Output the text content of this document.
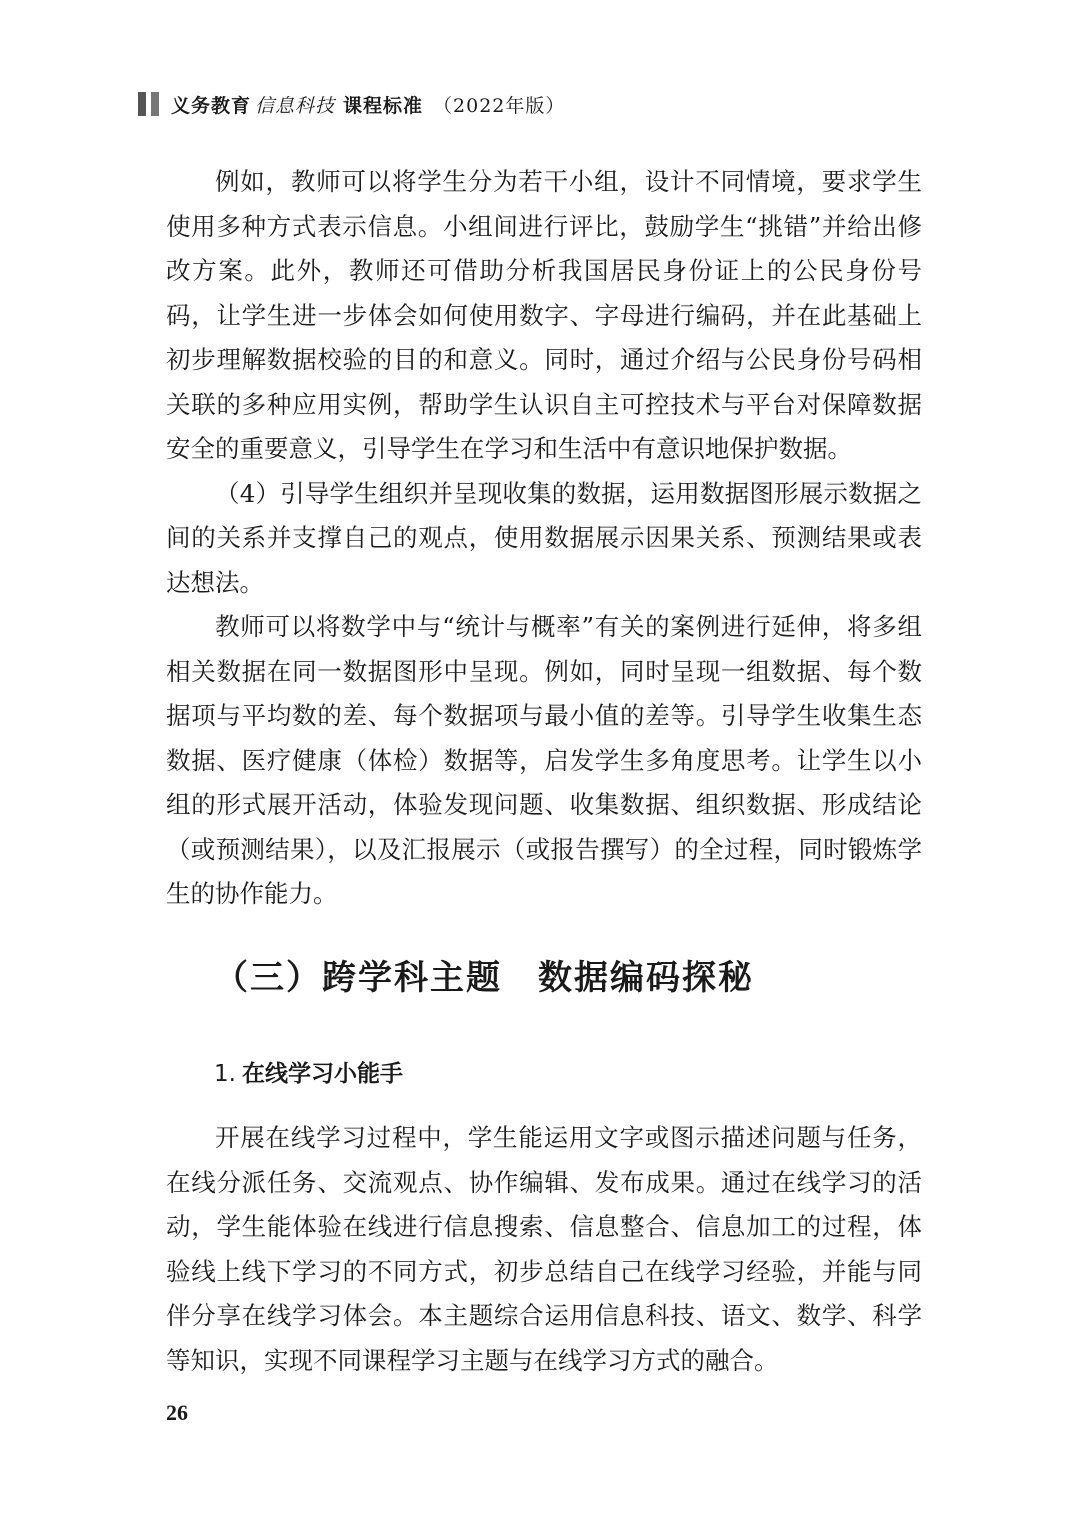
义务教育 信息科技 课程标准 （2022年版）

例如，教师可以将学生分为若干小组，设计不同情境，要求学生使用多种方式表示信息。小组间进行评比，鼓励学生“挑错”并给出修改方案。此外，教师还可借助分析我国居民身份证上的公民身份号码，让学生进一步体会如何使用数字、字母进行编码，并在此基础上初步理解数据校验的目的和意义。同时，通过介绍与公民身份号码相关联的多种应用实例，帮助学生认识自主可控技术与平台对保障数据安全的重要意义，引导学生在学习和生活中有意识地保护数据。

（4）引导学生组织并呈现收集的数据，运用数据图形展示数据之间的关系并支撑自己的观点，使用数据展示因果关系、预测结果或表达想法。

教师可以将数学中与“统计与概率”有关的案例进行延伸，将多组相关数据在同一数据图形中呈现。例如，同时呈现一组数据、每个数据项与平均数的差、每个数据项与最小值的差等。引导学生收集生态数据、医疗健康（体检）数据等，启发学生多角度思考。让学生以小组的形式展开活动，体验发现问题、收集数据、组织数据、形成结论（或预测结果），以及汇报展示（或报告撰写）的全过程，同时锻炼学生的协作能力。

（三）跨学科主题　数据编码探秘
1. 在线学习小能手

开展在线学习过程中，学生能运用文字或图示描述问题与任务，在线分派任务、交流观点、协作编辑、发布成果。通过在线学习的活动，学生能体验在线进行信息搜索、信息整合、信息加工的过程，体验线上线下学习的不同方式，初步总结自己在线学习经验，并能与同伴分享在线学习体会。本主题综合运用信息科技、语文、数学、科学等知识，实现不同课程学习主题与在线学习方式的融合。

26
